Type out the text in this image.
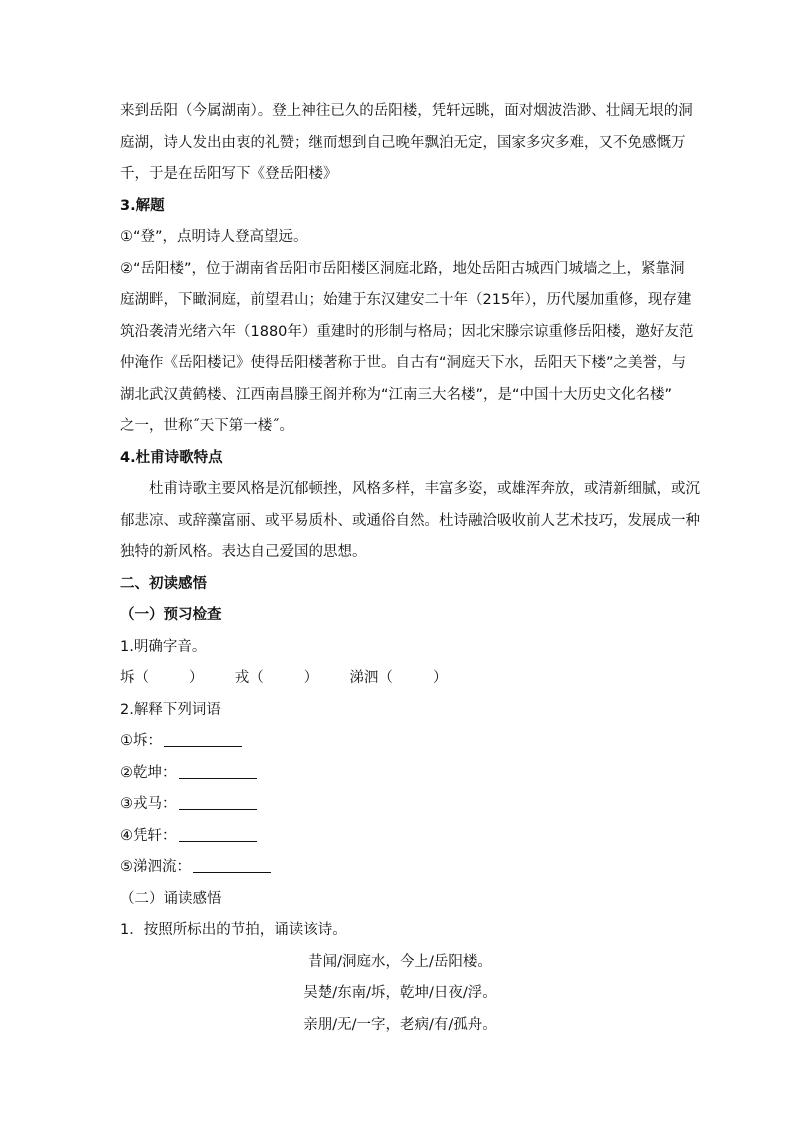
来到岳阳（今属湖南）。登上神往已久的岳阳楼，凭轩远眺，面对烟波浩渺、壮阔无垠的洞
庭湖，诗人发出由衷的礼赞；继而想到自己晚年飘泊无定，国家多灾多难，又不免感慨万
千，于是在岳阳写下《登岳阳楼》
3.解题
①“登”，点明诗人登高望远。
②“岳阳楼”，位于湖南省岳阳市岳阳楼区洞庭北路，地处岳阳古城西门城墙之上，紧靠洞
庭湖畔，下瞰洞庭，前望君山；始建于东汉建安二十年（215年），历代屡加重修，现存建
筑沿袭清光绪六年（1880年）重建时的形制与格局；因北宋滕宗谅重修岳阳楼，邀好友范
仲淹作《岳阳楼记》使得岳阳楼著称于世。自古有“洞庭天下水，岳阳天下楼”之美誉，与
湖北武汉黄鹤楼、江西南昌滕王阁并称为“江南三大名楼”，是“中国十大历史文化名楼”
之一，世称˝天下第一楼˝。
4.杜甫诗歌特点
杜甫诗歌主要风格是沉郁顿挫，风格多样，丰富多姿，或雄浑奔放，或清新细腻，或沉
郁悲凉、或辞藻富丽、或平易质朴、或通俗自然。杜诗融洽吸收前人艺术技巧，发展成一种
独特的新风格。表达自己爱国的思想。
二、初读感悟
（一）预习检查
1.明确字音。
坼（	） 戎（	） 涕泗（	）
2.解释下列词语
①坼：
②乾坤：
③戎马：
④凭轩：
⑤涕泗流：
（二）诵读感悟
1．按照所标出的节拍，诵读该诗。
昔闻/洞庭水，今上/岳阳楼。
吴楚/东南/坼，乾坤/日夜/浮。
亲朋/无/一字，老病/有/孤舟。
